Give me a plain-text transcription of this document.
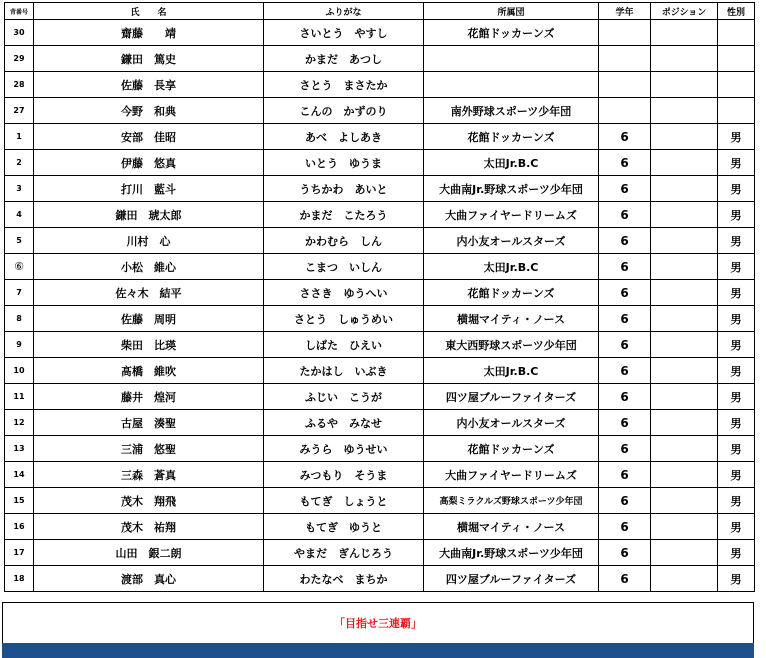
背番号	氏　　名	ふりがな	所属団	学年	ポジション	性別
30	齋藤　　靖	さいとう　やすし	花館ドッカーンズ			
29	鎌田　篤史	かまだ　あつし				
28	佐藤　長享	さとう　まさたか				
27	今野　和典	こんの　かずのり	南外野球スポーツ少年団			
1	安部　佳昭	あべ　よしあき	花館ドッカーンズ	6		男
2	伊藤　悠真	いとう　ゆうま	太田Jr.B.C	6		男
3	打川　藍斗	うちかわ　あいと	大曲南Jr.野球スポーツ少年団	6		男
4	鎌田　琥太郎	かまだ　こたろう	大曲ファイヤードリームズ	6		男
5	川村　心	かわむら　しん	内小友オールスターズ	6		男
⑥	小松　維心	こまつ　いしん	太田Jr.B.C	6		男
7	佐々木　結平	ささき　ゆうへい	花館ドッカーンズ	6		男
8	佐藤　周明	さとう　しゅうめい	横堀マイティ・ノース	6		男
9	柴田　比瑛	しばた　ひえい	東大西野球スポーツ少年団	6		男
10	髙橋　維吹	たかはし　いぶき	太田Jr.B.C	6		男
11	藤井　煌河	ふじい　こうが	四ツ屋ブルーファイターズ	6		男
12	古屋　湊聖	ふるや　みなせ	内小友オールスターズ	6		男
13	三浦　悠聖	みうら　ゆうせい	花館ドッカーンズ	6		男
14	三森　蒼真	みつもり　そうま	大曲ファイヤードリームズ	6		男
15	茂木　翔飛	もてぎ　しょうと	高梨ミラクルズ野球スポーツ少年団	6		男
16	茂木　祐翔	もてぎ　ゆうと	横堀マイティ・ノース	6		男
17	山田　銀二朗	やまだ　ぎんじろう	大曲南Jr.野球スポーツ少年団	6		男
18	渡部　真心	わたなべ　まちか	四ツ屋ブルーファイターズ	6		男
「目指せ三連覇」
